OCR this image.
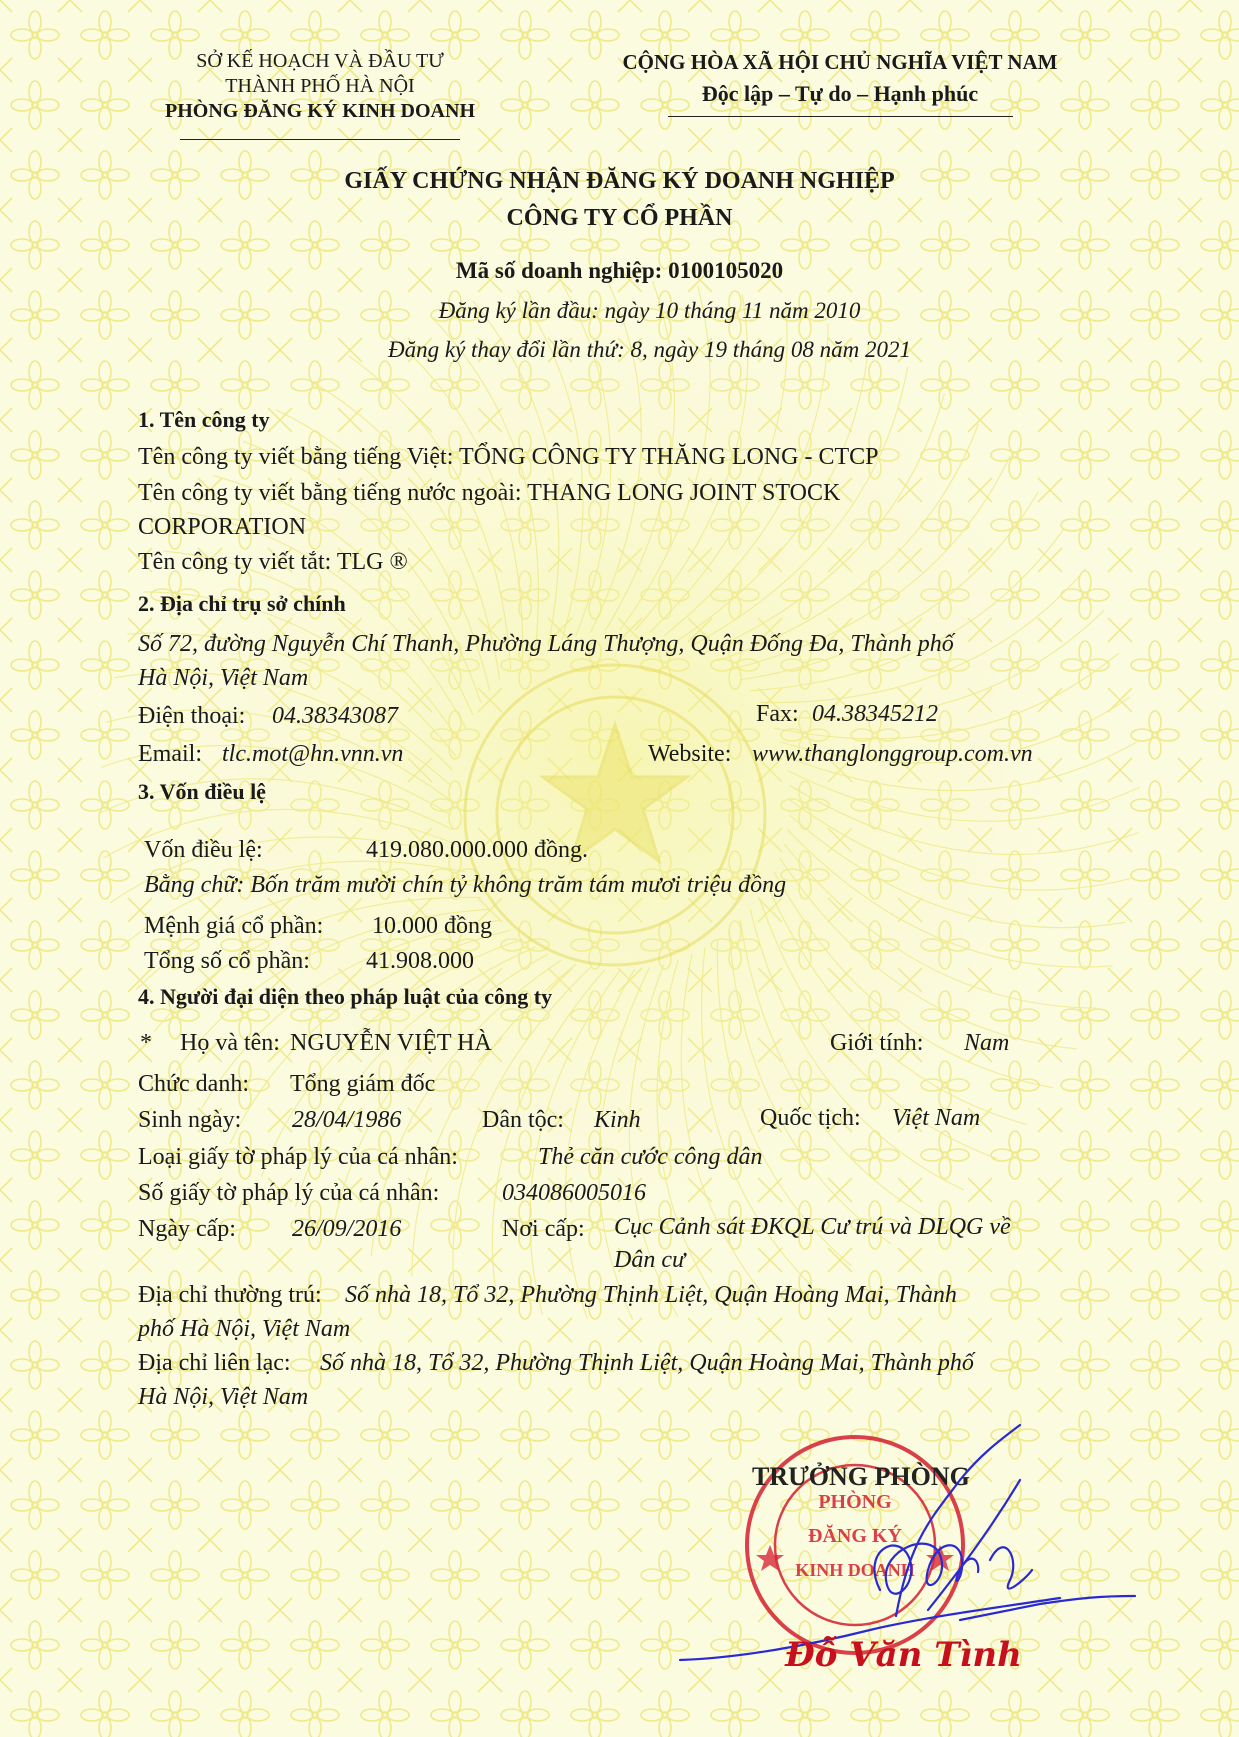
SỞ KẾ HOẠCH VÀ ĐẦU TƯ
THÀNH PHỐ HÀ NỘI
PHÒNG ĐĂNG KÝ KINH DOANH
CỘNG HÒA XÃ HỘI CHỦ NGHĨA VIỆT NAM
Độc lập – Tự do – Hạnh phúc
GIẤY CHỨNG NHẬN ĐĂNG KÝ DOANH NGHIỆP
CÔNG TY CỔ PHẦN
Mã số doanh nghiệp: 0100105020
Đăng ký lần đầu: ngày 10 tháng 11 năm 2010
Đăng ký thay đổi lần thứ: 8, ngày 19 tháng 08 năm 2021
1. Tên công ty
Tên công ty viết bằng tiếng Việt: TỔNG CÔNG TY THĂNG LONG - CTCP
Tên công ty viết bằng tiếng nước ngoài: THANG LONG JOINT STOCK
CORPORATION
Tên công ty viết tắt: TLG ®
2. Địa chỉ trụ sở chính
Số 72, đường Nguyễn Chí Thanh, Phường Láng Thượng, Quận Đống Đa, Thành phố
Hà Nội, Việt Nam
Điện thoại: 04.38343087	Fax: 04.38345212
Email: tlc.mot@hn.vnn.vn	Website: www.thanglonggroup.com.vn
3. Vốn điều lệ
Vốn điều lệ:	419.080.000.000 đồng.
Bằng chữ: Bốn trăm mười chín tỷ không trăm tám mươi triệu đồng
Mệnh giá cổ phần: 10.000 đồng
Tổng số cổ phần: 41.908.000
4. Người đại diện theo pháp luật của công ty
* Họ và tên: NGUYỄN VIỆT HÀ	Giới tính: Nam
Chức danh: Tổng giám đốc
Sinh ngày: 28/04/1986	Dân tộc: Kinh	Quốc tịch: Việt Nam
Loại giấy tờ pháp lý của cá nhân:	Thẻ căn cước công dân
Số giấy tờ pháp lý của cá nhân:	034086005016
Ngày cấp: 26/09/2016	Nơi cấp: Cục Cảnh sát ĐKQL Cư trú và DLQG về
Dân cư
Địa chỉ thường trú: Số nhà 18, Tổ 32, Phường Thịnh Liệt, Quận Hoàng Mai, Thành
phố Hà Nội, Việt Nam
Địa chỉ liên lạc: Số nhà 18, Tổ 32, Phường Thịnh Liệt, Quận Hoàng Mai, Thành phố
Hà Nội, Việt Nam
PHÒNG
ĐĂNG KÝ
KINH DOANH
TRƯỞNG PHÒNG
Đỗ Văn Tình
